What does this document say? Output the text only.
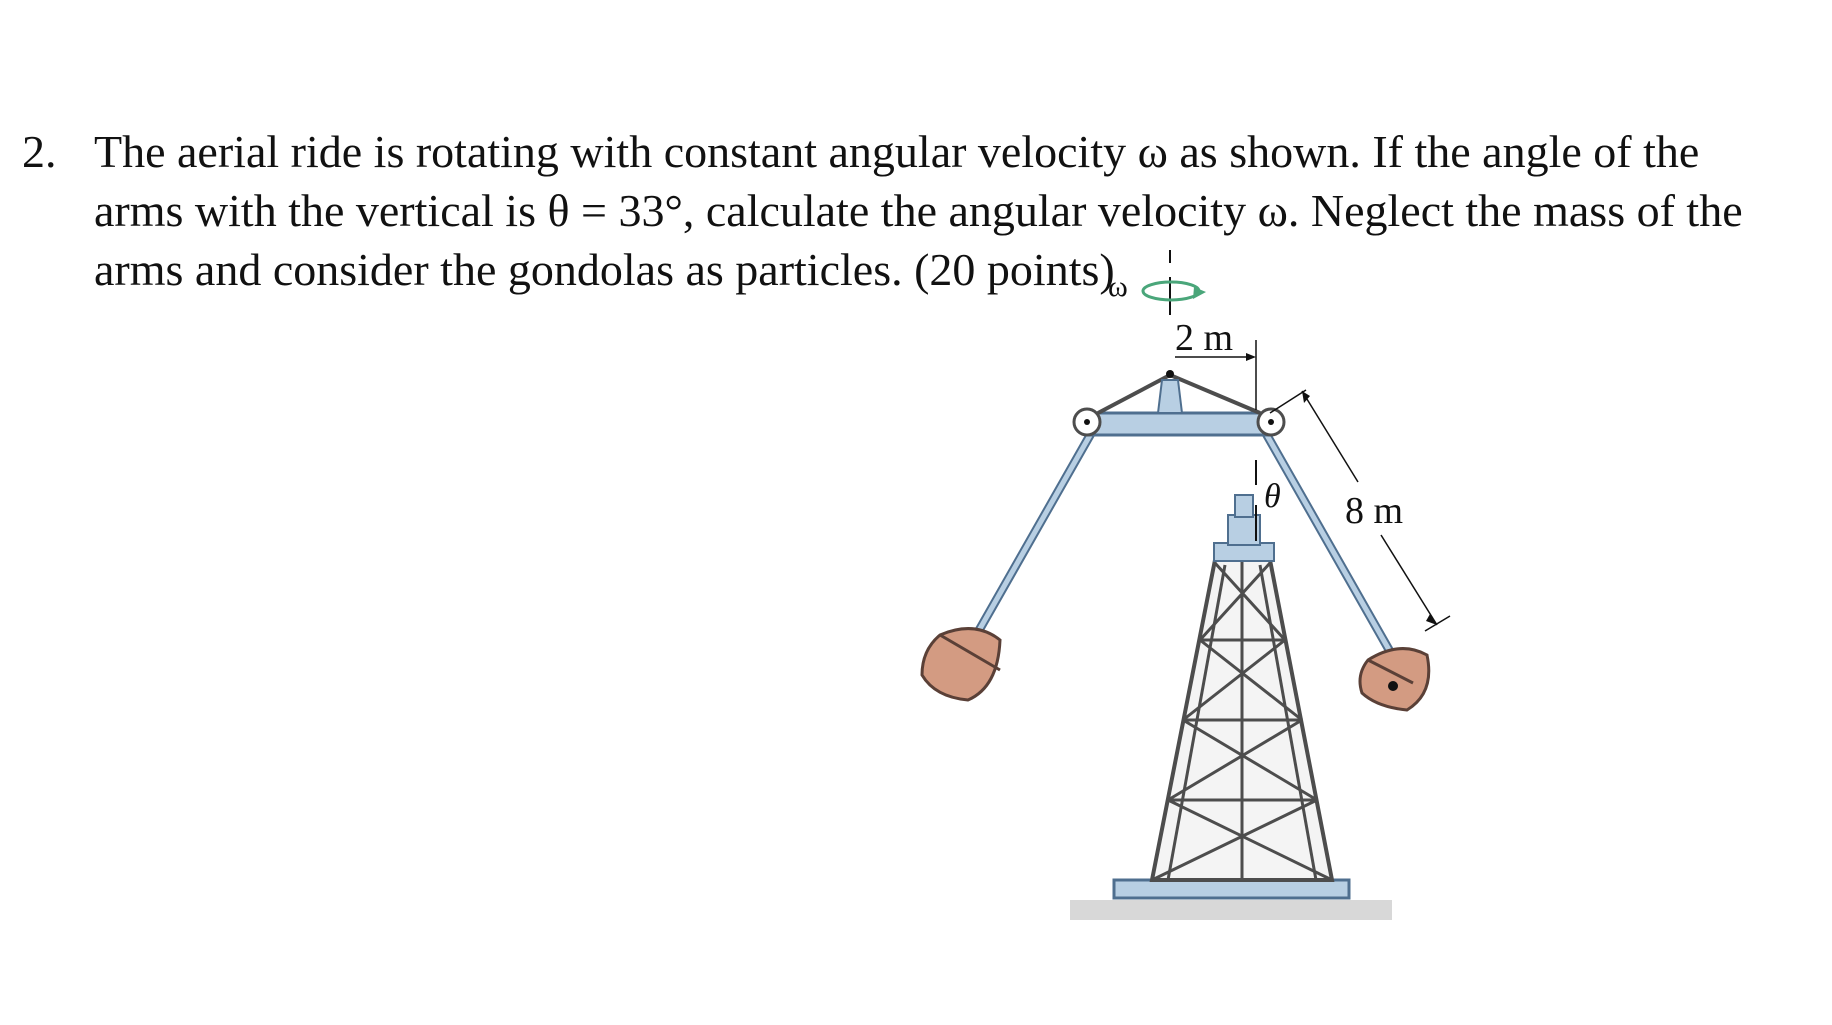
2. The aerial ride is rotating with constant angular velocity ω as shown. If the angle of the
arms with the vertical is θ = 33°, calculate the angular velocity ω. Neglect the mass of the
arms and consider the gondolas as particles. (20 points)
ω
2 m
θ 8 m
